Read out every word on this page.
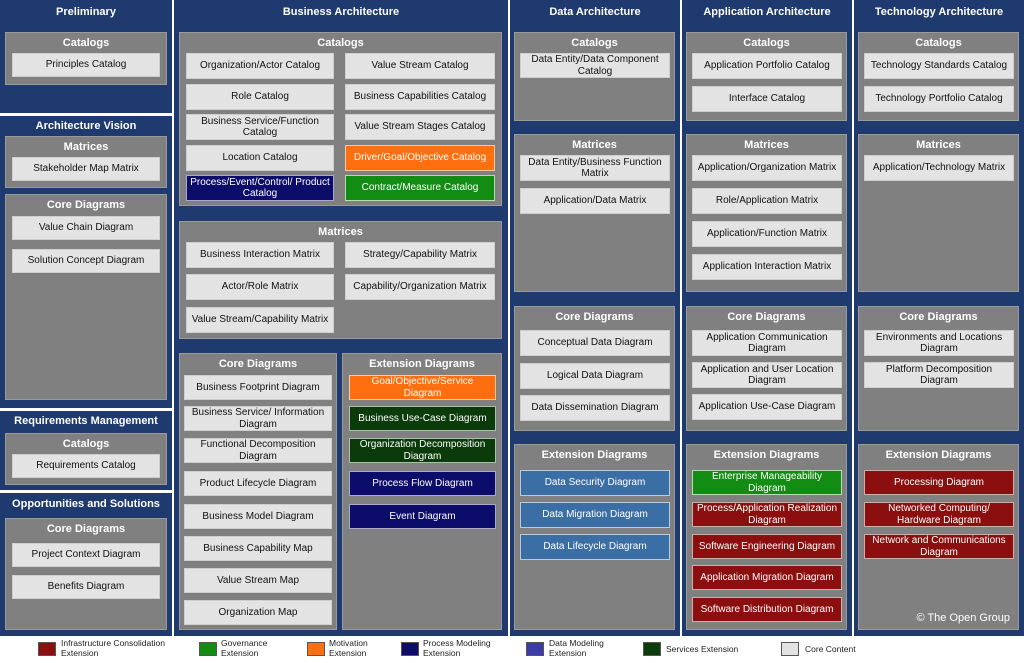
Preliminary	Business Architecture	Data Architecture	Application Architecture	Technology Architecture
Architecture Vision
Requirements Management
Opportunities and Solutions
Catalogs
Principles Catalog
Matrices
Stakeholder Map Matrix
Core Diagrams
Value Chain Diagram
Solution Concept Diagram
Catalogs
Requirements Catalog
Core Diagrams
Project Context Diagram
Benefits Diagram
Catalogs
Organization/Actor Catalog	Value Stream Catalog
Role Catalog	Business Capabilities Catalog
Business Service/Function Catalog
Value Stream Stages Catalog
Location Catalog	Driver/Goal/Objective Catalog
Process/Event/Control/ Product Catalog
Contract/Measure Catalog
Matrices
Business Interaction Matrix	Strategy/Capability Matrix
Actor/Role Matrix	Capability/Organization Matrix
Value Stream/Capability Matrix
Core Diagrams
Business Footprint Diagram
Business Service/ Information Diagram
Functional Decomposition Diagram
Product Lifecycle Diagram
Business Model Diagram
Business Capability Map
Value Stream Map
Organization Map
Extension Diagrams
Goal/Objective/Service Diagram
Business Use-Case Diagram
Organization Decomposition Diagram
Process Flow Diagram
Event Diagram
Catalogs
Data Entity/Data Component Catalog
Matrices
Data Entity/Business Function Matrix
Application/Data Matrix
Core Diagrams
Conceptual Data Diagram
Logical Data Diagram
Data Dissemination Diagram
Extension Diagrams
Data Security Diagram
Data Migration Diagram
Data Lifecycle Diagram
Catalogs
Application Portfolio Catalog
Interface Catalog
Matrices
Application/Organization Matrix
Role/Application Matrix
Application/Function Matrix
Application Interaction Matrix
Core Diagrams
Application Communication Diagram
Application and User Location Diagram
Application Use-Case Diagram
Extension Diagrams
Enterprise Manageability Diagram
Process/Application Realization Diagram
Software Engineering Diagram
Application Migration Diagram
Software Distribution Diagram
Catalogs
Technology Standards Catalog
Technology Portfolio Catalog
Matrices
Application/Technology Matrix
Core Diagrams
Environments and Locations Diagram
Platform Decomposition Diagram
Extension Diagrams
Processing Diagram
Networked Computing/ Hardware Diagram
Network and Communications Diagram
© The Open Group
Infrastructure Consolidation Extension
Governance Extension
Motivation Extension
Process Modeling Extension
Data Modeling Extension	Services Extension	Core Content
